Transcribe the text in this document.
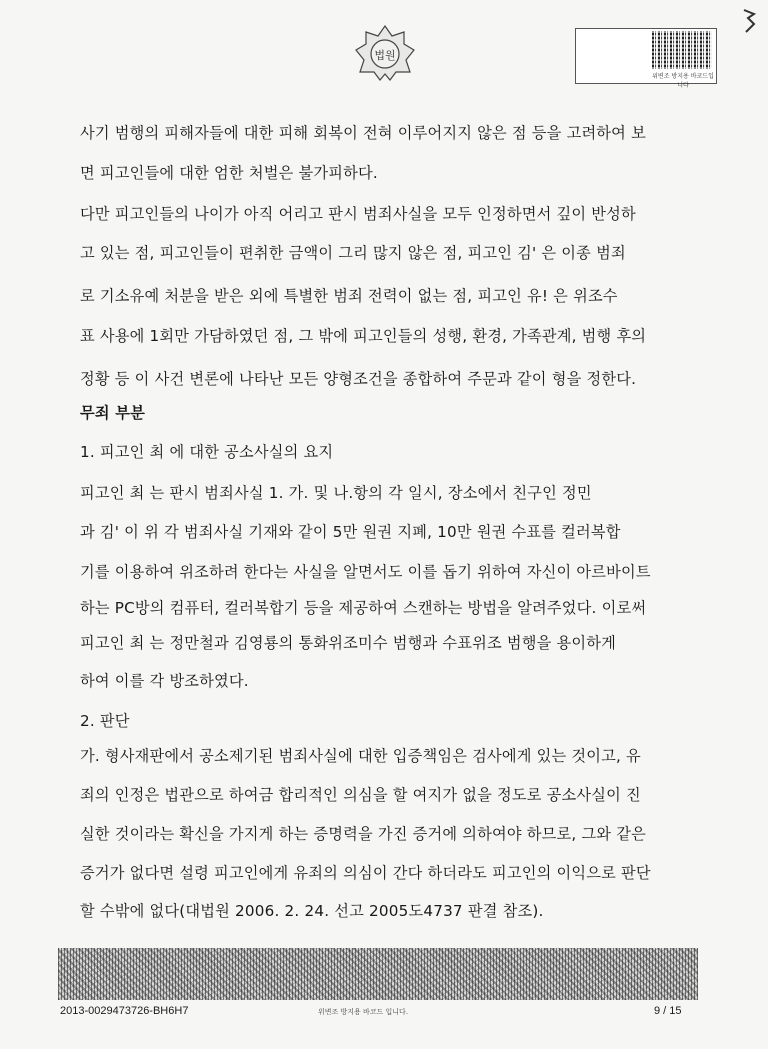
법원
위변조 방지용 바코드입니다
사기 범행의 피해자들에 대한 피해 회복이 전혀 이루어지지 않은 점 등을 고려하여 보
면 피고인들에 대한 엄한 처벌은 불가피하다.
다만 피고인들의 나이가 아직 어리고 판시 범죄사실을 모두 인정하면서 깊이 반성하
고 있는 점, 피고인들이 편취한 금액이 그리 많지 않은 점, 피고인 김' 은 이종 범죄
로 기소유예 처분을 받은 외에 특별한 범죄 전력이 없는 점, 피고인 유! 은 위조수
표 사용에 1회만 가담하였던 점, 그 밖에 피고인들의 성행, 환경, 가족관계, 범행 후의
정황 등 이 사건 변론에 나타난 모든 양형조건을 종합하여 주문과 같이 형을 정한다.
무죄 부분
1. 피고인 최 에 대한 공소사실의 요지
피고인 최 는 판시 범죄사실 1. 가. 및 나.항의 각 일시, 장소에서 친구인 정민
과 김' 이 위 각 범죄사실 기재와 같이 5만 원권 지폐, 10만 원권 수표를 컬러복합
기를 이용하여 위조하려 한다는 사실을 알면서도 이를 돕기 위하여 자신이 아르바이트
하는 PC방의 컴퓨터, 컬러복합기 등을 제공하여 스캔하는 방법을 알려주었다. 이로써
피고인 최 는 정만철과 김영룡의 통화위조미수 범행과 수표위조 범행을 용이하게
하여 이를 각 방조하였다.
2. 판단
가. 형사재판에서 공소제기된 범죄사실에 대한 입증책임은 검사에게 있는 것이고, 유
죄의 인정은 법관으로 하여금 합리적인 의심을 할 여지가 없을 정도로 공소사실이 진
실한 것이라는 확신을 가지게 하는 증명력을 가진 증거에 의하여야 하므로, 그와 같은
증거가 없다면 설령 피고인에게 유죄의 의심이 간다 하더라도 피고인의 이익으로 판단
할 수밖에 없다(대법원 2006. 2. 24. 선고 2005도4737 판결 참조).
2013-0029473726-BH6H7	위변조 방지용 바코드 입니다.	9 / 15
